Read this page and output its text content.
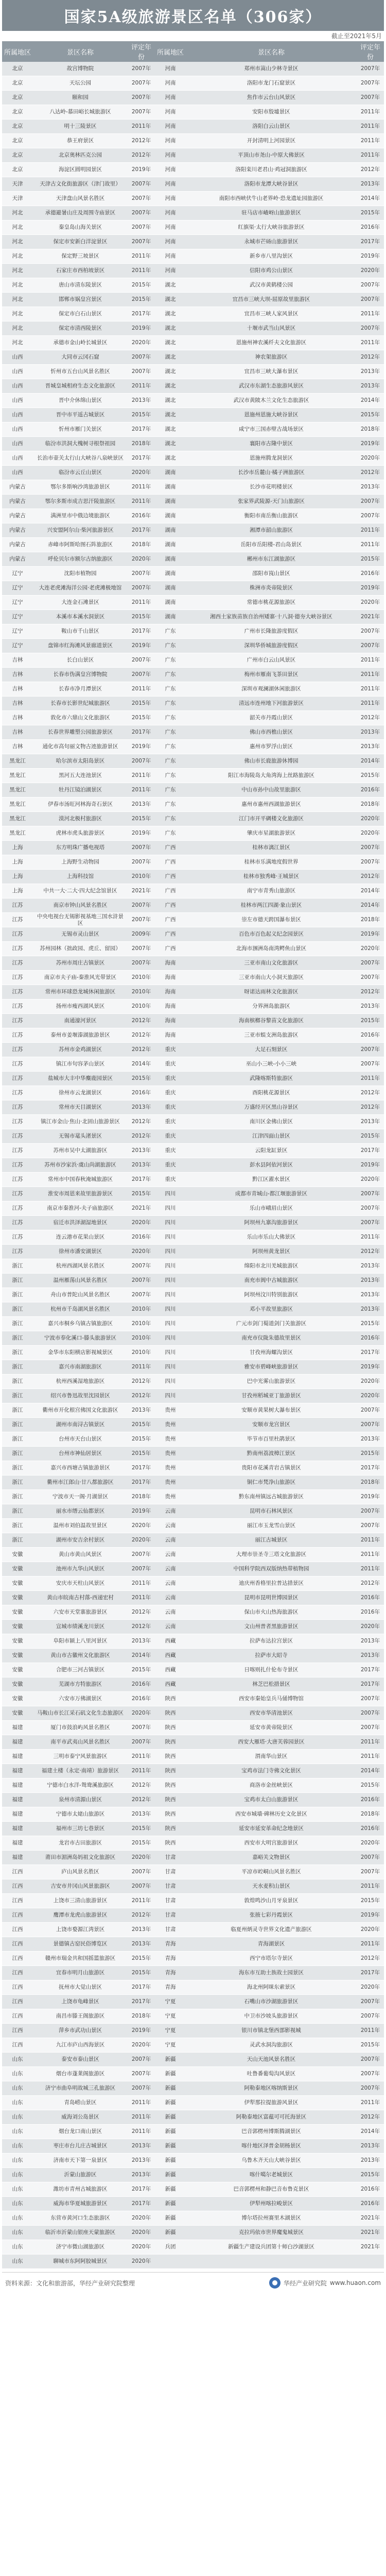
国家5A级旅游景区名单（306家）
截止至2021年5月
所属地区	景区名称	评定年份	所属地区	景区名称	评定年份
北京	故宫博物院	2007年	河南	郑州市嵩山少林寺景区	2007年
北京	天坛公园	2007年	河南	洛阳市龙门石窟景区	2007年
北京	颐和园	2007年	河南	焦作市云台山风景区	2007年
北京	八达岭-慕田峪长城旅游区	2007年	河南	安阳市殷墟景区	2011年
北京	明十三陵景区	2011年	河南	洛阳白云山景区	2011年
北京	恭王府景区	2012年	河南	开封清明上河园景区	2011年
北京	北京奥林匹克公园	2012年	河南	平顶山市尧山-中原大佛景区	2011年
北京	海淀区圆明园景区	2019年	河南	洛阳栾川老君山·鸡冠洞旅游区	2012年
天津	天津古文化街旅游区（津门故里）	2007年	河南	洛阳市龙潭大峡谷景区	2013年
天津	天津盘山风景名胜区	2007年	河南	南阳市西峡伏牛山老界岭·恐龙遗址园旅游区	2014年
河北	承德避暑山庄及周围寺庙景区	2007年	河南	驻马店市嵖岈山旅游景区	2015年
河北	秦皇岛山海关景区	2007年	河南	红旗渠·太行大峡谷旅游景区	2016年
河北	保定市安新白洋淀景区	2007年	河南	永城市芒砀山旅游景区	2017年
河北	保定野三坡景区	2011年	河南	新乡市八里沟景区	2019年
河北	石家庄市西柏坡景区	2011年	河南	信阳市鸡公山景区	2020年
河北	唐山市清东陵景区	2015年	湖北	武汉市黄鹤楼公园	2007年
河北	邯郸市娲皇宫景区	2015年	湖北	宜昌市三峡大坝-屈原故里旅游区	2007年
河北	保定市白石山景区	2017年	湖北	宜昌市三峡人家风景区	2011年
河北	保定市清西陵景区	2019年	湖北	十堰市武当山风景区	2007年
河北	承德市金山岭长城景区	2020年	湖北	恩施州神农溪纤夫文化旅游区	2011年
山西	大同市云冈石窟	2007年	湖北	神农架旅游区	2012年
山西	忻州市五台山风景名胜区	2007年	湖北	宜昌市三峡大瀑布景区	2013年
山西	晋城皇城相府生态文化旅游区	2011年	湖北	武汉市东湖生态旅游风景区	2013年
山西	晋中介休绵山景区	2013年	湖北	武汉市黄陂木兰文化生态旅游区	2014年
山西	晋中市平遥古城景区	2015年	湖北	恩施州恩施大峡谷景区	2015年
山西	忻州市雁门关景区	2017年	湖北	咸宁市三国赤壁古战场景区	2018年
山西	临汾市洪洞大槐树寻根祭祖园	2018年	湖北	襄阳市古隆中景区	2019年
山西	长治市壶关太行山大峡谷八泉峡景区	2017年	湖北	恩施州腾龙洞景区	2020年
山西	临汾市云丘山景区	2020年	湖南	长沙市岳麓山·橘子洲旅游区	2012年
内蒙古	鄂尔多斯响沙湾旅游景区	2011年	湖南	长沙市花明楼景区	2013年
内蒙古	鄂尔多斯市成吉思汗陵旅游区	2011年	湖南	张家界武陵源-天门山旅游区	2007年
内蒙古	满洲里市中俄边境旅游区	2016年	湖南	衡阳市南岳衡山旅游区	2007年
内蒙古	兴安盟阿尔山·柴河旅游景区	2017年	湖南	湘潭市韶山旅游区	2011年
内蒙古	赤峰市阿斯哈图石阵旅游区	2018年	湖南	岳阳市岳阳楼-君山岛景区	2011年
内蒙古	呼伦贝尔市额尔古纳旅游区	2020年	湖南	郴州市东江湖旅游区	2015年
辽宁	沈阳市植物园	2007年	湖南	邵阳市崀山景区	2016年
辽宁	大连老虎滩海洋公园·老虎滩极地馆	2007年	湖南	株洲市炎帝陵景区	2019年
辽宁	大连金石滩景区	2011年	湖南	常德市桃花源旅游区	2020年
辽宁	本溪市本溪水洞景区	2015年	湖南	湘西土家族苗族自治州矮寨·十八洞·德夯大峡谷景区	2021年
辽宁	鞍山市千山景区	2017年	广东	广州市长隆旅游度假区	2007年
辽宁	盘锦市红海滩风景廊道景区	2019年	广东	深圳华侨城旅游度假区	2007年
吉林	长白山景区	2007年	广东	广州市白云山风景区	2011年
吉林	长春市伪满皇宫博物院	2007年	广东	梅州市雁南飞茶田景区	2011年
吉林	长春市净月潭景区	2011年	广东	深圳市观澜湖休闲旅游区	2011年
吉林	长春市长影世纪城旅游区	2015年	广东	清远市连州地下河旅游景区	2011年
吉林	敦化市六鼎山文化旅游区	2015年	广东	韶关市丹霞山景区	2012年
吉林	长春世界雕塑公园旅游景区	2017年	广东	佛山市西樵山景区	2013年
吉林	通化市高句丽文物古迹旅游景区	2019年	广东	惠州市罗浮山景区	2013年
黑龙江	哈尔滨市太阳岛景区	2007年	广东	佛山市长鹿旅游休博园	2014年
黑龙江	黑河五大连池景区	2011年	广东	阳江市海陵岛大角湾海上丝路旅游区	2015年
黑龙江	牡丹江镜泊湖景区	2011年	广东	中山市孙中山故里旅游区	2016年
黑龙江	伊春市汤旺河林海奇石景区	2013年	广东	惠州市惠州西湖旅游景区	2018年
黑龙江	漠河北极村旅游区	2015年	广东	江门市开平碉楼文化旅游区	2020年
黑龙江	虎林市虎头旅游景区	2019年	广东	肇庆市星湖旅游景区	2020年
上海	东方明珠广播电视塔	2007年	广西	桂林市漓江景区	2007年
上海	上海野生动物园	2007年	广西	桂林市乐满地度假世界	2007年
上海	上海科技馆	2010年	广西	桂林市独秀峰·王城景区	2012年
上海	中共一大·二大·四大纪念馆景区	2021年	广西	南宁市青秀山旅游区	2014年
江苏	南京市钟山风景名胜区	2007年	广西	桂林市两江四湖·象山景区	2014年
江苏	中央电视台无锡影视基地三国水浒景区	2007年	广西	崇左市德天跨国瀑布景区	2018年
江苏	无锡市灵山景区	2009年	广西	百色市百色起义纪念园景区	2019年
江苏	苏州园林（拙政园、虎丘、留园）	2007年	广西	北海市涠洲岛南湾鳄鱼山景区	2020年
江苏	苏州市周庄古镇景区	2007年	海南	三亚市南山文化旅游区	2007年
江苏	南京市夫子庙-秦淮风光带景区	2010年	海南	三亚市南山大小洞天旅游区	2007年
江苏	常州市环球恐龙城休闲旅游区	2010年	海南	呀诺达雨林文化旅游区	2012年
江苏	扬州市瘦西湖风景区	2010年	海南	分界洲岛旅游区	2013年
江苏	南通濠河景区	2012年	海南	海南槟榔谷黎苗文化旅游区	2015年
江苏	泰州市姜堰溱湖旅游景区	2012年	海南	三亚市蜈支洲岛旅游区	2016年
江苏	苏州市金鸡湖景区	2012年	重庆	大足石刻景区	2007年
江苏	镇江市句容茅山景区	2014年	重庆	巫山小三峡-小小三峡	2007年
江苏	盐城市大丰中华麋鹿园景区	2015年	重庆	武隆喀斯特旅游区	2011年
江苏	徐州市云龙湖景区	2016年	重庆	酉阳桃花源景区	2012年
江苏	常州市天目湖景区	2013年	重庆	万盛经开区黑山谷景区	2012年
江苏	镇江市金山·焦山·北固山旅游景区	2012年	重庆	南川区金佛山景区	2013年
江苏	无锡市鼋头渚景区	2012年	重庆	江津四面山景区	2015年
江苏	苏州市吴中太湖旅游区	2013年	重庆	云阳龙缸景区	2017年
江苏	苏州市沙家浜·虞山尚湖旅游区	2013年	重庆	彭水县阿依河景区	2019年
江苏	常州市中国春秋淹城旅游区	2017年	重庆	黔江区濯水景区	2020年
江苏	淮安市周恩来故里旅游景区	2015年	四川	成都市青城山-都江堰旅游景区	2007年
江苏	南京市秦淮河-夫子庙旅游区	2021年	四川	乐山市峨眉山景区	2007年
江苏	宿迁市洪泽湖湿地景区	2020年	四川	阿坝州九寨沟旅游景区	2007年
江苏	连云港市花果山景区	2016年	四川	乐山市乐山大佛景区	2011年
江苏	徐州市潘安湖景区	2020年	四川	阿坝州黄龙景区	2012年
浙江	杭州西湖风景名胜区	2007年	四川	绵阳市北川羌城旅游区	2013年
浙江	温州雁荡山风景名胜区	2007年	四川	南充市阆中古城旅游区	2013年
浙江	舟山市普陀山风景名胜区	2007年	四川	阿坝州汶川特别旅游区	2013年
浙江	杭州市千岛湖风景名胜区	2010年	四川	邓小平故里旅游区	2013年
浙江	嘉兴市桐乡乌镇古镇旅游区	2010年	四川	广元市剑门蜀道剑门关旅游区	2015年
浙江	宁波市奉化溪口-滕头旅游景区	2010年	四川	南充市仪陇朱德故里景区	2016年
浙江	金华市东阳横店影视城景区	2010年	四川	甘孜州海螺沟景区	2017年
浙江	嘉兴市南湖旅游区	2011年	四川	雅安市碧峰峡旅游景区	2019年
浙江	杭州西溪湿地旅游区	2012年	四川	巴中光雾山旅游景区	2020年
浙江	绍兴市鲁迅故里沈园景区	2012年	四川	甘孜州稻城亚丁旅游景区	2020年
浙江	衢州市开化根宫佛国文化旅游区	2013年	贵州	安顺市黄果树大瀑布景区	2007年
浙江	湖州市南浔古镇景区	2015年	贵州	安顺市龙宫景区	2007年
浙江	台州市天台山景区	2015年	贵州	毕节市百里杜鹃景区	2013年
浙江	台州市神仙居景区	2015年	贵州	黔南州荔波樟江景区	2015年
浙江	嘉兴市西塘古镇旅游景区	2017年	贵州	贵阳市花溪青岩古镇景区	2017年
浙江	衢州市江郎山·廿八都旅游区	2017年	贵州	铜仁市梵净山旅游区	2018年
浙江	宁波市天一阁·月湖景区	2018年	贵州	黔东南州镇远古城旅游景区	2019年
浙江	丽水市缙云仙都景区	2019年	云南	昆明市石林风景区	2007年
浙江	温州市刘伯温故里景区	2020年	云南	丽江市玉龙雪山景区	2007年
浙江	湖州市安吉余村景区	2020年	云南	丽江古城景区	2011年
安徽	黄山市黄山风景区	2007年	云南	大理市崇圣寺三塔文化旅游区	2011年
安徽	池州市九华山风景区	2007年	云南	中国科学院西双版纳热带植物园	2011年
安徽	安庆市天柱山风景区	2011年	云南	迪庆州香格里拉普达措景区	2012年
安徽	黄山市皖南古村落-西递宏村	2011年	云南	昆明市昆明世博园景区	2016年
安徽	六安市天堂寨旅游景区	2012年	云南	保山市火山热海旅游区	2016年
安徽	宣城市绩溪龙川景区	2012年	云南	文山州普者黑旅游景区	2020年
安徽	阜阳市颍上八里河景区	2013年	西藏	拉萨布达拉宫景区	2013年
安徽	黄山市古徽州文化旅游区	2014年	西藏	拉萨市大昭寺	2013年
安徽	合肥市三河古镇景区	2015年	西藏	日喀则扎什伦布寺景区	2017年
安徽	芜湖市方特旅游区	2016年	西藏	林芝巴松措景区	2017年
安徽	六安市万佛湖景区	2016年	陕西	西安市秦始皇兵马俑博物馆	2007年
安徽	马鞍山市长江采石矶文化生态旅游区	2020年	陕西	西安市华清池景区	2007年
福建	厦门市鼓浪屿风景名胜区	2007年	陕西	延安市黄帝陵景区	2007年
福建	南平市武夷山风景名胜区	2007年	陕西	西安大雁塔·大唐芙蓉园景区	2011年
福建	三明市泰宁风景旅游区	2011年	陕西	渭南华山景区	2011年
福建	福建土楼（永定·南靖）旅游景区	2011年	陕西	宝鸡市法门寺佛文化景区	2014年
福建	宁德市白水洋-鸳鸯溪旅游区	2012年	陕西	商洛市金丝峡景区	2015年
福建	泉州市清源山景区	2012年	陕西	宝鸡市太白山旅游景区	2016年
福建	宁德市太姥山旅游区	2013年	陕西	西安市城墙·碑林历史文化景区	2018年
福建	福州市三坊七巷景区	2015年	陕西	延安市延安革命纪念地景区	2016年
福建	龙岩市古田旅游区	2015年	陕西	西安市大明宫旅游景区	2020年
福建	莆田市湄洲岛妈祖文化旅游区	2020年	甘肃	嘉峪关文物景区	2007年
江西	庐山风景名胜区	2007年	甘肃	平凉市崆峒山风景名胜区	2007年
江西	吉安市井冈山风景旅游区	2007年	甘肃	天水麦积山景区	2011年
江西	上饶市三清山旅游景区	2011年	甘肃	敦煌鸣沙山月牙泉景区	2015年
江西	鹰潭市龙虎山旅游景区	2012年	甘肃	张掖七彩丹霞景区	2019年
江西	上饶市婺源江湾景区	2013年	甘肃	临夏州炳灵寺世界文化遗产旅游区	2020年
江西	景德镇古窑民俗博览区	2013年	青海	青海湖景区	2011年
江西	赣州市瑞金共和国摇篮旅游区	2015年	青海	西宁市塔尔寺景区	2012年
江西	宜春市明月山旅游区	2015年	青海	海东市互助土族故土园景区	2017年
江西	抚州市大觉山景区	2017年	青海	海北州阿咪东索景区	2020年
江西	上饶市龟峰景区	2017年	宁夏	石嘴山市沙湖旅游景区	2007年
江西	南昌市滕王阁旅游区	2018年	宁夏	中卫市沙坡头旅游景区	2007年
江西	萍乡市武功山景区	2019年	宁夏	银川市镇北堡西部影视城	2011年
江西	九江市庐山西海景区	2020年	宁夏	灵武水洞沟旅游区	2015年
山东	泰安市泰山景区	2007年	新疆	天山天池风景名胜区	2007年
山东	烟台市蓬莱阁旅游区	2007年	新疆	吐鲁番葡萄沟风景区	2007年
山东	济宁市曲阜明故城三孔旅游区	2007年	新疆	阿勒泰地区喀纳斯景区	2007年
山东	青岛崂山景区	2011年	新疆	伊犁那拉提旅游风景区	2011年
山东	威海刘公岛景区	2011年	新疆	阿勒泰地区富蕴可可托海景区	2012年
山东	烟台龙口南山景区	2011年	新疆	巴音郭楞州博斯腾湖景区	2014年
山东	枣庄市台儿庄古城景区	2013年	新疆	喀什地区泽普金胡杨景区	2013年
山东	济南市天下第一泉景区	2013年	新疆	乌鲁木齐天山大峡谷景区	2013年
山东	沂蒙山旅游区	2013年	新疆	喀什噶尔老城景区	2015年
山东	潍坊市青州古城旅游区	2017年	新疆	巴音郭楞州和静巴音布鲁克景区	2016年
山东	威海市华夏城旅游景区	2017年	新疆	伊犁州喀拉峻景区	2016年
山东	东营市黄河口生态旅游区	2020年	新疆	博尔塔拉州赛里木湖景区	2021年
山东	临沂市沂蒙山银座天蒙旅游区	2020年	新疆	克拉玛依市世界魔鬼城景区	2021年
山东	济宁市微山湖旅游区	2020年	兵团	新疆生产建设兵团第十师白沙湖景区	2021年
山东	聊城市东阿阿胶城景区	2020年			
资料来源：文化和旅游部，华经产业研究院整理	华经产业研究院 www.huaon.com
